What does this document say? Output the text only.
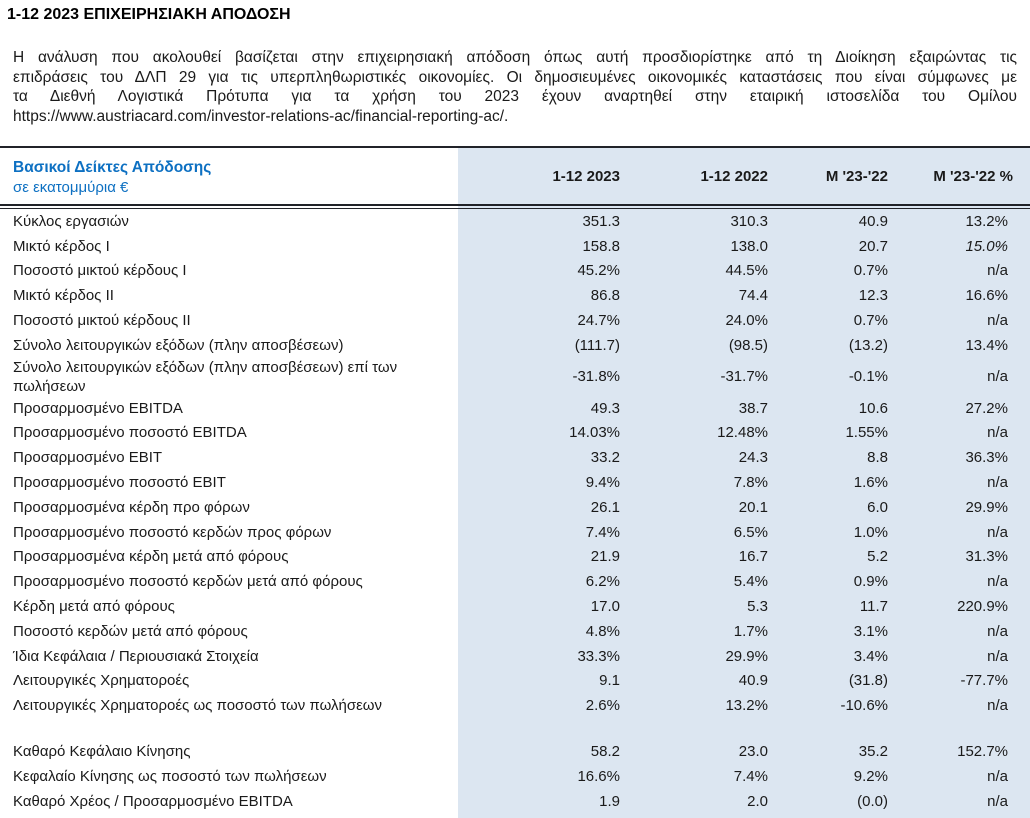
1-12 2023 ΕΠΙΧΕΙΡΗΣΙΑΚΗ ΑΠΟΔΟΣΗ
Η ανάλυση που ακολουθεί βασίζεται στην επιχειρησιακή απόδοση όπως αυτή προσδιορίστηκε από τη Διοίκηση εξαιρώντας τις
επιδράσεις του ΔΛΠ 29 για τις υπερπληθωριστικές οικονομίες. Οι δημοσιευμένες οικονομικές καταστάσεις που είναι σύμφωνες με
τα Διεθνή Λογιστικά Πρότυπα για τα χρήση του 2023 έχουν αναρτηθεί στην εταιρική ιστοσελίδα του Ομίλου
https://www.austriacard.com/investor-relations-ac/financial-reporting-ac/.
Βασικοί Δείκτες Απόδοσης
σε εκατομμύρια €
1-12 2023	1-12 2022	M '23-'22	M '23-'22 %
Κύκλος εργασιών	351.3	310.3	40.9	13.2%
Μικτό κέρδος I	158.8	138.0	20.7	15.0%
Ποσοστό μικτού κέρδους I	45.2%	44.5%	0.7%	n/a
Μικτό κέρδος II	86.8	74.4	12.3	16.6%
Ποσοστό μικτού κέρδους II	24.7%	24.0%	0.7%	n/a
Σύνολο λειτουργικών εξόδων (πλην αποσβέσεων)	(111.7)	(98.5)	(13.2)	13.4%
Σύνολο λειτουργικών εξόδων (πλην αποσβέσεων) επί των πωλήσεων
-31.8%	-31.7%	-0.1%	n/a
Προσαρμοσμένο EBITDA	49.3	38.7	10.6	27.2%
Προσαρμοσμένο ποσοστό EBITDA	14.03%	12.48%	1.55%	n/a
Προσαρμοσμένο EBIT	33.2	24.3	8.8	36.3%
Προσαρμοσμένο ποσοστό EBIT	9.4%	7.8%	1.6%	n/a
Προσαρμοσμένα κέρδη προ φόρων	26.1	20.1	6.0	29.9%
Προσαρμοσμένο ποσοστό κερδών προς φόρων	7.4%	6.5%	1.0%	n/a
Προσαρμοσμένα κέρδη μετά από φόρους	21.9	16.7	5.2	31.3%
Προσαρμοσμένο ποσοστό κερδών μετά από φόρους	6.2%	5.4%	0.9%	n/a
Κέρδη μετά από φόρους	17.0	5.3	11.7	220.9%
Ποσοστό κερδών μετά από φόρους	4.8%	1.7%	3.1%	n/a
Ίδια Κεφάλαια / Περιουσιακά Στοιχεία	33.3%	29.9%	3.4%	n/a
Λειτουργικές Χρηματοροές	9.1	40.9	(31.8)	-77.7%
Λειτουργικές Χρηματοροές ως ποσοστό των πωλήσεων	2.6%	13.2%	-10.6%	n/a
Καθαρό Κεφάλαιο Κίνησης	58.2	23.0	35.2	152.7%
Κεφαλαίο Κίνησης ως ποσοστό των πωλήσεων	16.6%	7.4%	9.2%	n/a
Καθαρό Χρέος / Προσαρμοσμένο EBITDA	1.9	2.0	(0.0)	n/a
